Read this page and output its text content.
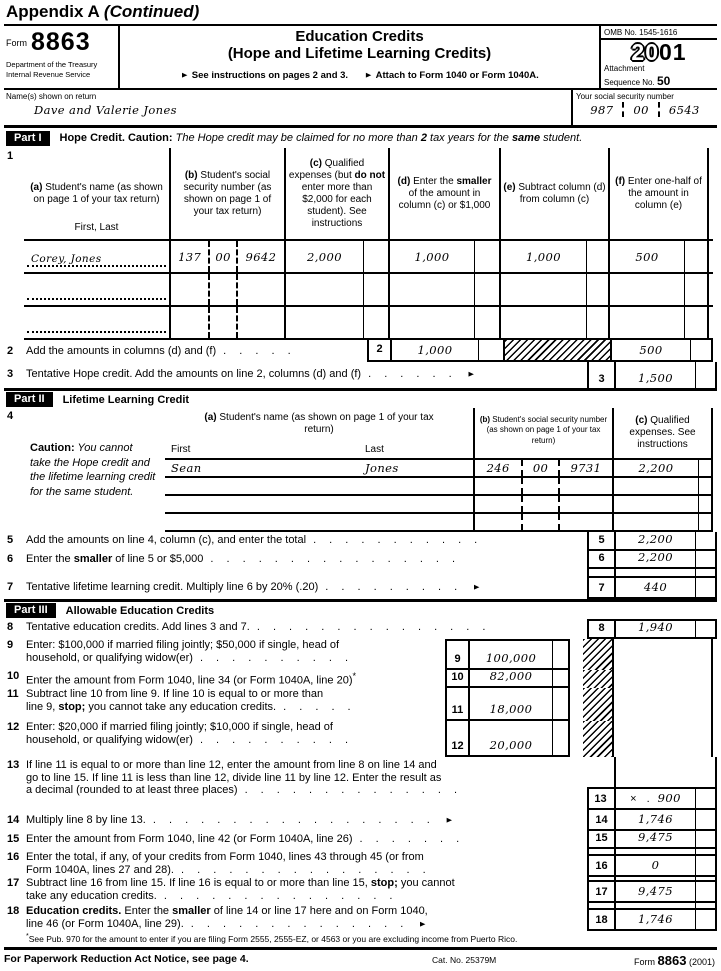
Appendix A (Continued)
Form 8863
Department of the Treasury
Internal Revenue Service
Education Credits
(Hope and Lifetime Learning Credits)
► See instructions on pages 2 and 3. ► Attach to Form 1040 or Form 1040A.
OMB No. 1545-1616
2001
Attachment
Sequence No. 50
Name(s) shown on return
Dave and Valerie Jones
Your social security number
987 00 6543
Part I	Hope Credit. Caution: The Hope credit may be claimed for no more than 2 tax years for the same student.
1
(a) Student's name (as shown on page 1 of your tax return)
First, Last
(b) Student's social security number (as shown on page 1 of your tax return)
(c) Qualified expenses (but do not enter more than $2,000 for each student). See instructions
(d) Enter the smaller of the amount in column (c) or $1,000
(e) Subtract column (d) from column (c)
(f) Enter one-half of the amount in column (e)
Corey, Jones	137	00	9642	2,000	1,000	1,000	500
2	Add the amounts in columns (d) and (f) . . . . .	2	1,000	500
3	Tentative Hope credit. Add the amounts on line 2, columns (d) and (f) . . . . . . ►	3	1,500
Part II	Lifetime Learning Credit
4
Caution: You cannot take the Hope credit and the lifetime learning credit for the same student.
(a) Student's name (as shown on page 1 of your tax return)
First	Last
(b) Student's social security number (as shown on page 1 of your tax return)
(c) Qualified expenses. See instructions
Sean	Jones	246	00	9731	2,200
5	Add the amounts on line 4, column (c), and enter the total . . . . . . . . . . .	5	2,200
6	Enter the smaller of line 5 or $5,000 . . . . . . . . . . . . . . . .	6	2,200
7	Tentative lifetime learning credit. Multiply line 6 by 20% (.20) . . . . . . . . . ►	7	440
Part III	Allowable Education Credits
8	Tentative education credits. Add lines 3 and 7. . . . . . . . . . . . . . . .	8	1,940
9	Enter: $100,000 if married filing jointly; $50,000 if single, head of
household, or qualifying widow(er) . . . . . . . . . .	9	100,000
10 Enter the amount from Form 1040, line 34 (or Form 1040A, line 20)*	10	82,000
11 Subtract line 10 from line 9. If line 10 is equal to or more than
line 9, stop; you cannot take any education credits. . . . . .	11	18,000
12 Enter: $20,000 if married filing jointly; $10,000 if single, head of
household, or qualifying widow(er) . . . . . . . . . .
12	20,000
13 If line 11 is equal to or more than line 12, enter the amount from line 8 on line 14 and
go to line 15. If line 11 is less than line 12, divide line 11 by line 12. Enter the result as
a decimal (rounded to at least three places) . . . . . . . . . . . . . .
13	× . 900
14 Multiply line 8 by line 13. . . . . . . . . . . . . . . . . . . ►	14	1,746
15 Enter the amount from Form 1040, line 42 (or Form 1040A, line 26) . . . . . . .	15	9,475
16 Enter the total, if any, of your credits from Form 1040, lines 43 through 45 (or from
Form 1040A, lines 27 and 28). . . . . . . . . . . . . . . . .	16	0
17 Subtract line 16 from line 15. If line 16 is equal to or more than line 15, stop; you cannot
take any education credits. . . . . . . . . . . . . . . .	17	9,475
18 Education credits. Enter the smaller of line 14 or line 17 here and on Form 1040,
line 46 (or Form 1040A, line 29). . . . . . . . . . . . . . . ►	18	1,746
*See Pub. 970 for the amount to enter if you are filing Form 2555, 2555-EZ, or 4563 or you are excluding income from Puerto Rico.
For Paperwork Reduction Act Notice, see page 4.	Cat. No. 25379M	Form 8863 (2001)
